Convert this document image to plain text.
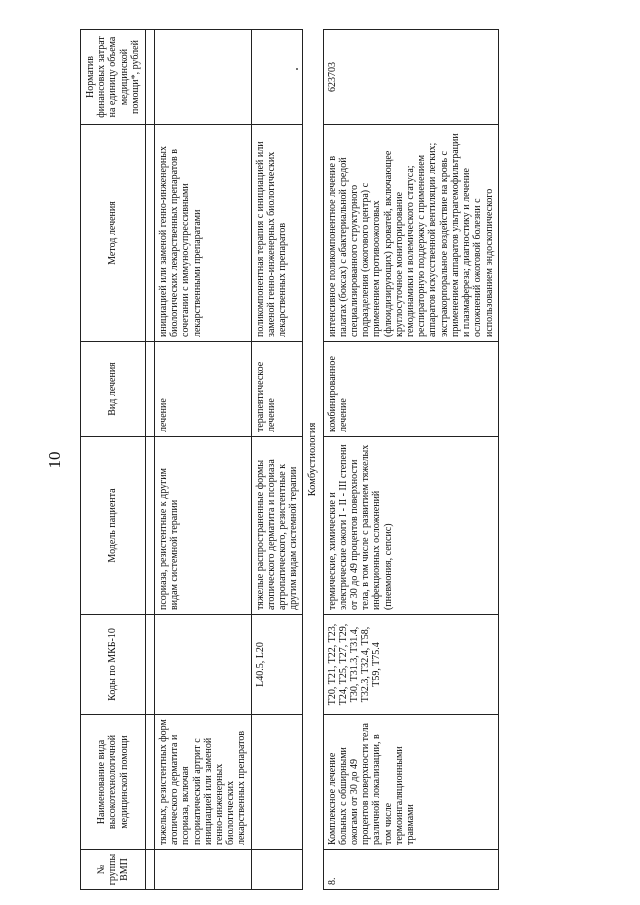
10
№ группы ВМП	Наименование вида высокотехнологичной медицинской помощи	Коды по МКБ-10	Модель пациента	Вид лечения	Метод лечения	Норматив финансовых затрат на единицу объема медицинской помощи*, рублей

	тяжелых, резистентных форм атопического дерматита и псориаза, включая псориатический артрит с инициацией или заменой генно-инженерных биологических лекарственных препаратов		псориаза, резистентные к другим видам системной терапии	лечение	инициацией или заменой генно-инженерных биологических лекарственных препаратов в сочетании с иммуносупрессивными лекарственными препаратами	
		L40.5, L20	тяжелые распространенные формы атопического дерматита и псориаза артропатического, резистентные к другим видам системной терапии	терапевтическое лечение	поликомпонентная терапия с инициацией или заменой генно-инженерных биологических лекарственных препаратов	
Комбустиология						
8.	Комплексное лечение больных с обширными ожогами от 30 до 49 процентов поверхности тела различной локализации, в том числе термоингаляционными травмами	T20, T21, T22, T23, T24, T25, T27, T29, T30, T31.3, T31.4, T32.3, T32.4, T58, T59, T75.4	термические, химические и электрические ожоги I - II - III степени от 30 до 49 процентов поверхности тела, в том числе с развитием тяжелых инфекционных осложнений (пневмония, сепсис)	комбинированное лечение	интенсивное поликомпонентное лечение в палатах (боксах) с абактериальной средой специализированного структурного подразделения (ожогового центра) с применением противоожоговых (флюидизирующих) кроватей, включающее круглосуточное мониторирование гемодинамики и волемического статуса; респираторную поддержку с применением аппаратов искусственной вентиляции легких; экстракорпоральное воздействие на кровь с применением аппаратов ультрагемофильтрации и плазмафереза; диагностику и лечение осложнений ожоговой болезни с использованием эндоскопического	623703
